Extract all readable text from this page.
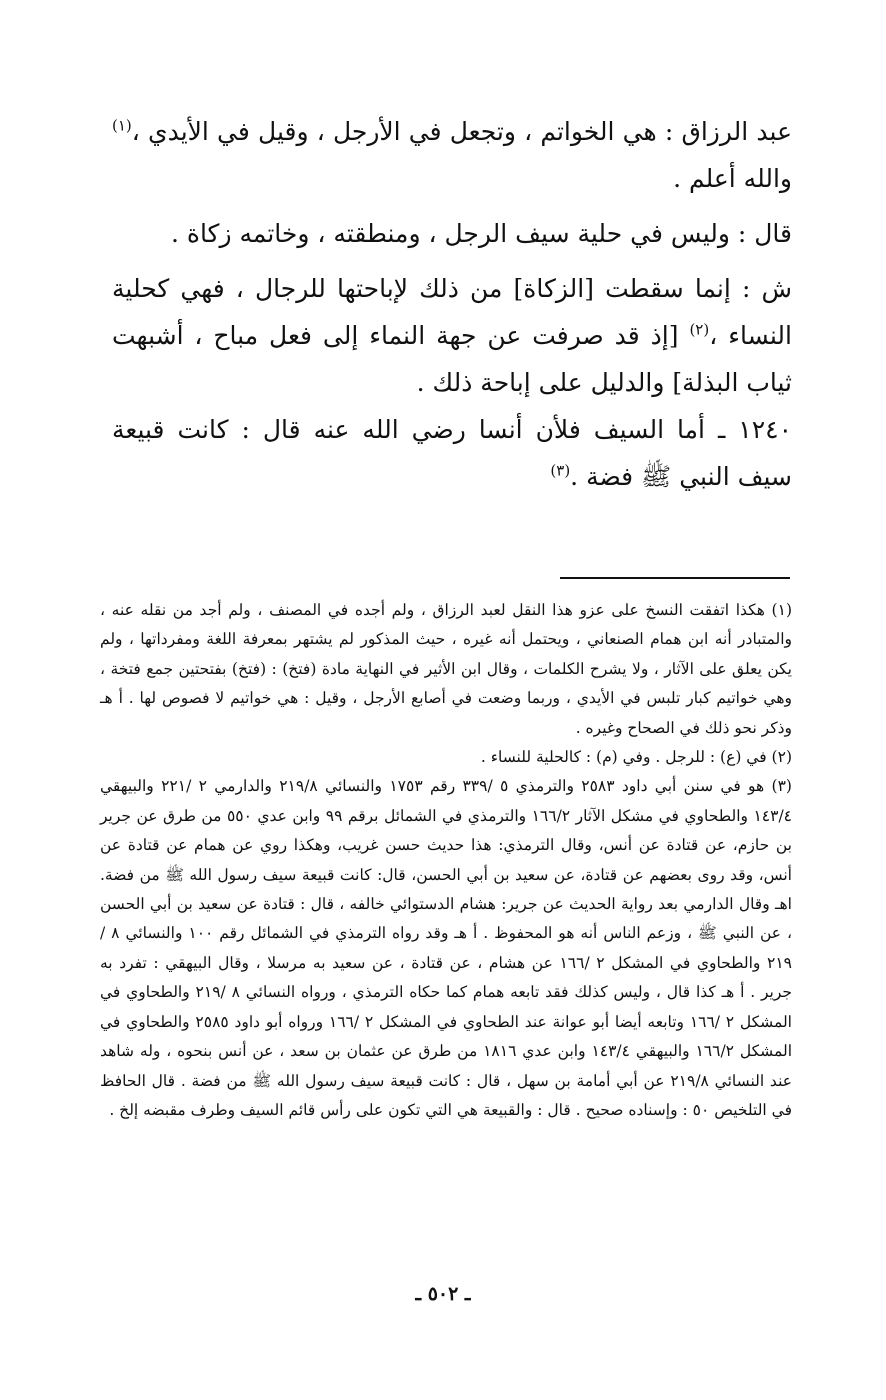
عبد الرزاق : هي الخواتم ، وتجعل في الأرجل ، وقيل في الأيدي ،$^{(١)}$ والله أعلم .

قال : وليس في حلية سيف الرجل ، ومنطقته ، وخاتمه زكاة .

ش : إنما سقطت [الزكاة] من ذلك لإباحتها للرجال ، فهي كحلية النساء ،$^{(٢)}$ [إذ قد صرفت عن جهة النماء إلى فعل مباح ، أشبهت ثياب البذلة] والدليل على إباحة ذلك .

١٢٤٠ ـ أما السيف فلأن أنسا رضي الله عنه قال : كانت قبيعة سيف النبي ﷺ فضة .$^{(٣)}$

(١) هكذا اتفقت النسخ على عزو هذا النقل لعبد الرزاق ، ولم أجده في المصنف ، ولم أجد من نقله عنه ، والمتبادر أنه ابن همام الصنعاني ، ويحتمل أنه غيره ، حيث المذكور لم يشتهر بمعرفة اللغة ومفرداتها ، ولم يكن يعلق على الآثار ، ولا يشرح الكلمات ، وقال ابن الأثير في النهاية مادة (فتخ) : (فتخ) بفتحتين جمع فتخة ، وهي خواتيم كبار تلبس في الأيدي ، وربما وضعت في أصابع الأرجل ، وقيل : هي خواتيم لا فصوص لها . أ هـ وذكر نحو ذلك في الصحاح وغيره .

(٢) في (ع) : للرجل . وفي (م) : كالحلية للنساء .

(٣) هو في سنن أبي داود ٢٥٨٣ والترمذي ٥ /٣٣٩ رقم ١٧٥٣ والنسائي ٢١٩/٨ والدارمي ٢ /٢٢١ والبيهقي ١٤٣/٤ والطحاوي في مشكل الآثار ١٦٦/٢ والترمذي في الشمائل برقم ٩٩ وابن عدي ٥٥٠ من طرق عن جرير بن حازم، عن قتادة عن أنس، وقال الترمذي: هذا حديث حسن غريب، وهكذا روي عن همام عن قتادة عن أنس، وقد روى بعضهم عن قتادة، عن سعيد بن أبي الحسن، قال: كانت قبيعة سيف رسول الله ﷺ من فضة. اهـ وقال الدارمي بعد رواية الحديث عن جرير: هشام الدستوائي خالفه ، قال : قتادة عن سعيد بن أبي الحسن ، عن النبي ﷺ ، وزعم الناس أنه هو المحفوظ . أ هـ وقد رواه الترمذي في الشمائل رقم ١٠٠ والنسائي ٨ /٢١٩ والطحاوي في المشكل ٢ /١٦٦ عن هشام ، عن قتادة ، عن سعيد به مرسلا ، وقال البيهقي : تفرد به جرير . أ هـ كذا قال ، وليس كذلك فقد تابعه همام كما حكاه الترمذي ، ورواه النسائي ٨ /٢١٩ والطحاوي في المشكل ٢ /١٦٦ وتابعه أيضا أبو عوانة عند الطحاوي في المشكل ٢ /١٦٦ ورواه أبو داود ٢٥٨٥ والطحاوي في المشكل ١٦٦/٢ والبيهقي ١٤٣/٤ وابن عدي ١٨١٦ من طرق عن عثمان بن سعد ، عن أنس بنحوه ، وله شاهد عند النسائي ٢١٩/٨ عن أبي أمامة بن سهل ، قال : كانت قبيعة سيف رسول الله ﷺ من فضة . قال الحافظ في التلخيص ٥٠ : وإسناده صحيح . قال : والقبيعة هي التي تكون على رأس قائم السيف وطرف مقبضه إلخ .

ـ ٥٠٢ ـ
